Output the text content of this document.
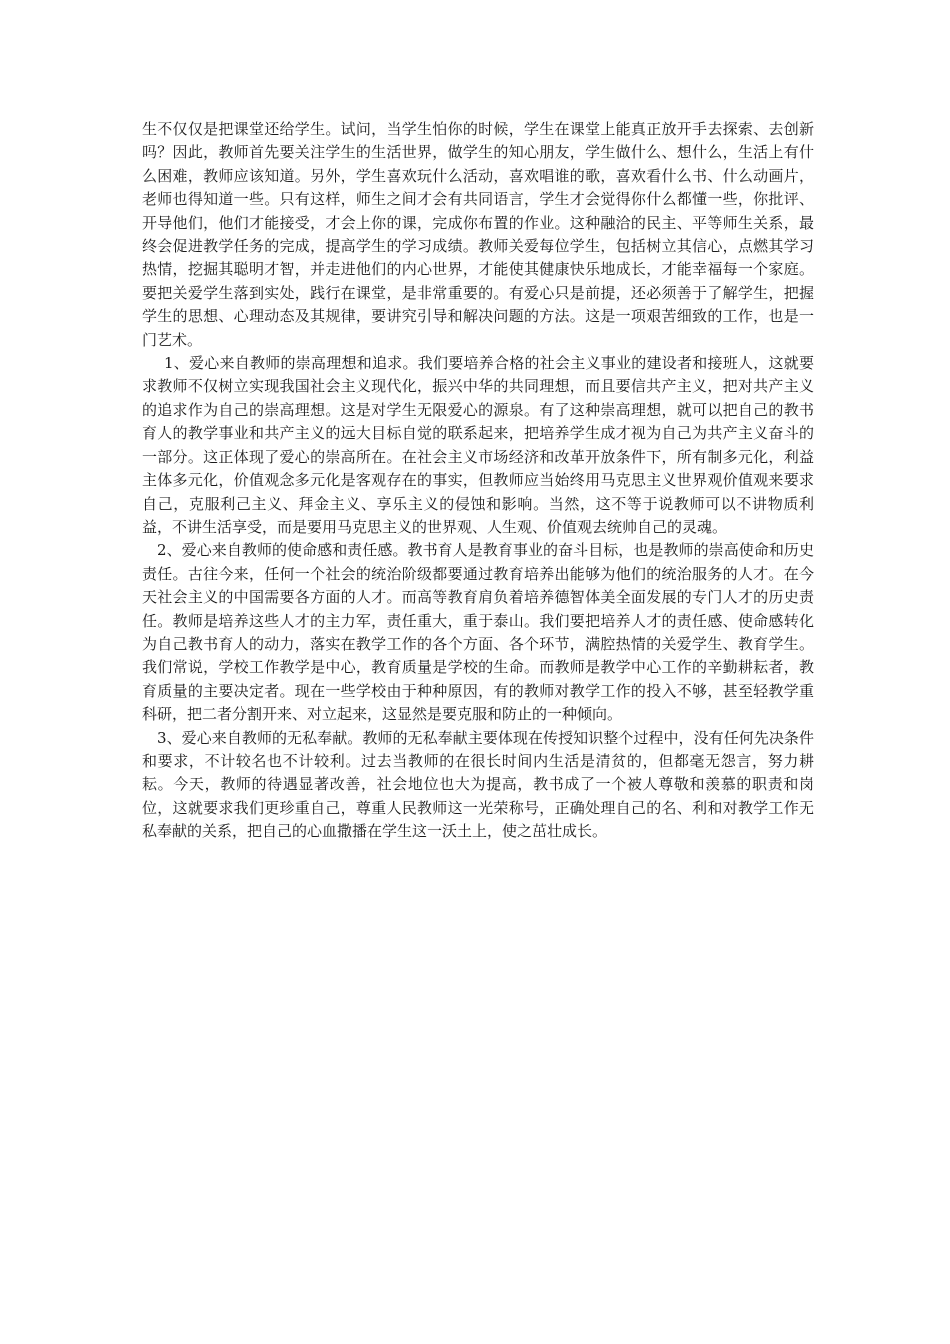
生不仅仅是把课堂还给学生。试问，当学生怕你的时候，学生在课堂上能真正放开手去探索、去创新吗？因此，教师首先要关注学生的生活世界，做学生的知心朋友，学生做什么、想什么，生活上有什么困难，教师应该知道。另外，学生喜欢玩什么活动，喜欢唱谁的歌，喜欢看什么书、什么动画片，老师也得知道一些。只有这样，师生之间才会有共同语言，学生才会觉得你什么都懂一些，你批评、开导他们，他们才能接受，才会上你的课，完成你布置的作业。这种融洽的民主、平等师生关系，最终会促进教学任务的完成，提高学生的学习成绩。教师关爱每位学生，包括树立其信心，点燃其学习热情，挖掘其聪明才智，并走进他们的内心世界，才能使其健康快乐地成长，才能幸福每一个家庭。要把关爱学生落到实处，践行在课堂，是非常重要的。有爱心只是前提，还必须善于了解学生，把握学生的思想、心理动态及其规律，要讲究引导和解决问题的方法。这是一项艰苦细致的工作，也是一门艺术。

1、爱心来自教师的崇高理想和追求。我们要培养合格的社会主义事业的建设者和接班人，这就要求教师不仅树立实现我国社会主义现代化，振兴中华的共同理想，而且要信共产主义，把对共产主义的追求作为自己的崇高理想。这是对学生无限爱心的源泉。有了这种崇高理想，就可以把自己的教书育人的教学事业和共产主义的远大目标自觉的联系起来，把培养学生成才视为自己为共产主义奋斗的一部分。这正体现了爱心的崇高所在。在社会主义市场经济和改革开放条件下，所有制多元化，利益主体多元化，价值观念多元化是客观存在的事实，但教师应当始终用马克思主义世界观价值观来要求自己，克服利己主义、拜金主义、享乐主义的侵蚀和影响。当然，这不等于说教师可以不讲物质利益，不讲生活享受，而是要用马克思主义的世界观、人生观、价值观去统帅自己的灵魂。

2、爱心来自教师的使命感和责任感。教书育人是教育事业的奋斗目标，也是教师的崇高使命和历史责任。古往今来，任何一个社会的统治阶级都要通过教育培养出能够为他们的统治服务的人才。在今天社会主义的中国需要各方面的人才。而高等教育肩负着培养德智体美全面发展的专门人才的历史责任。教师是培养这些人才的主力军，责任重大，重于泰山。我们要把培养人才的责任感、使命感转化为自己教书育人的动力，落实在教学工作的各个方面、各个环节，满腔热情的关爱学生、教育学生。我们常说，学校工作教学是中心，教育质量是学校的生命。而教师是教学中心工作的辛勤耕耘者，教育质量的主要决定者。现在一些学校由于种种原因，有的教师对教学工作的投入不够，甚至轻教学重科研，把二者分割开来、对立起来，这显然是要克服和防止的一种倾向。

3、爱心来自教师的无私奉献。教师的无私奉献主要体现在传授知识整个过程中，没有任何先决条件和要求，不计较名也不计较利。过去当教师的在很长时间内生活是清贫的，但都毫无怨言，努力耕耘。今天，教师的待遇显著改善，社会地位也大为提高，教书成了一个被人尊敬和羡慕的职责和岗位，这就要求我们更珍重自己，尊重人民教师这一光荣称号，正确处理自己的名、利和对教学工作无私奉献的关系，把自己的心血撒播在学生这一沃土上，使之茁壮成长。
